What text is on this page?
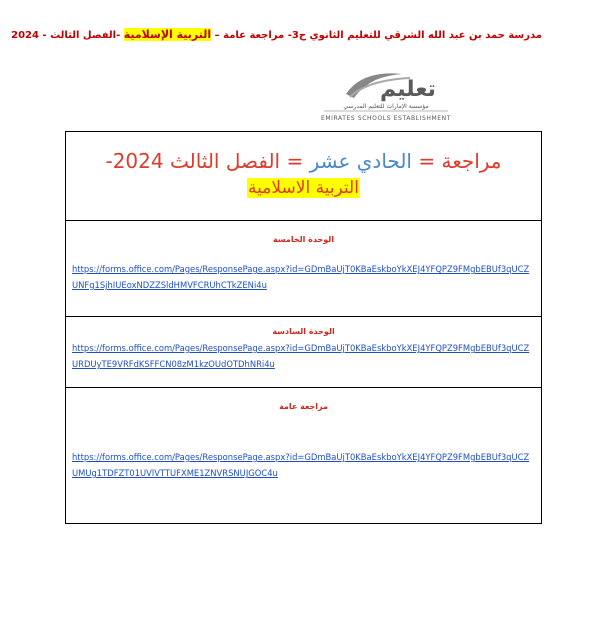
مدرسة حمد بن عبد الله الشرقي للتعليم الثانوي ح3- مراجعة عامة – التربية الإسلامية -الفصل الثالث - 2024
تعليم
مؤسسة الإمارات للتعليم المدرسي
EMIRATES SCHOOLS ESTABLISHMENT
مراجعة = الحادي عشر = الفصل الثالث 2024-
التربية الاسلامية

الوحدة الخامسة
https://forms.office.com/Pages/ResponsePage.aspx?id=GDmBaUjT0KBaEskboYkXEJ4YFQPZ9FMgbEBUf3qUCZUNFg1SjhIUEoxNDZZSldHMVFCRUhCTkZENi4u

الوحدة السادسة
https://forms.office.com/Pages/ResponsePage.aspx?id=GDmBaUjT0KBaEskboYkXEJ4YFQPZ9FMgbEBUf3qUCZURDUyTE9VRFdKSFFCN08zM1kzOUdOTDhNRi4u

مراجعة عامة
https://forms.office.com/Pages/ResponsePage.aspx?id=GDmBaUjT0KBaEskboYkXEJ4YFQPZ9FMgbEBUf3qUCZUMUg1TDFZT01UVlVTTUFXME1ZNVRSNUJGOC4u
